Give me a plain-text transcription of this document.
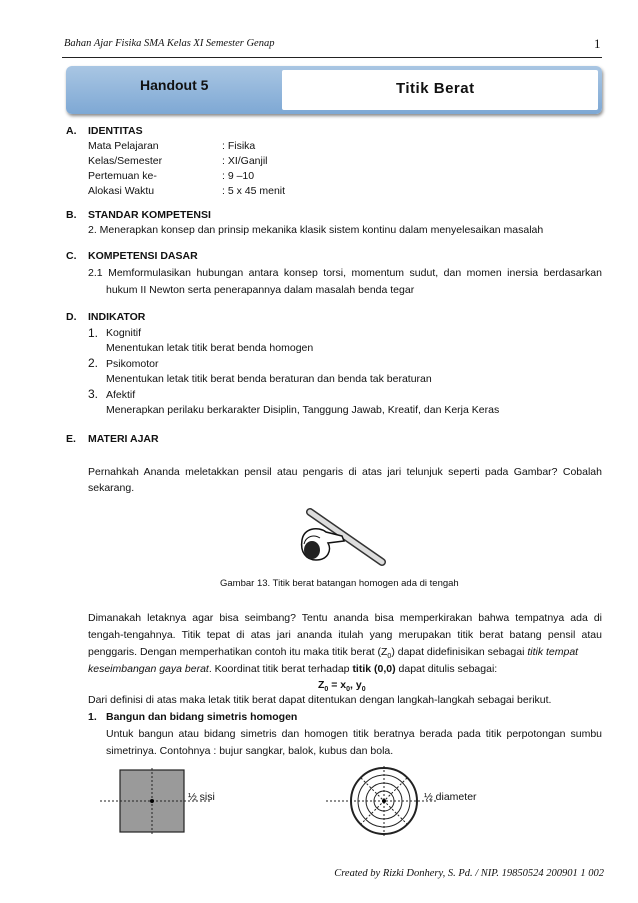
Bahan Ajar Fisika SMA Kelas XI Semester Genap	1
Handout 5	Titik Berat
A. IDENTITAS
Mata Pelajaran	: Fisika
Kelas/Semester	: XI/Ganjil
Pertemuan ke-	: 9 –10
Alokasi Waktu	: 5 x 45 menit
B. STANDAR KOMPETENSI
2. Menerapkan konsep dan prinsip mekanika klasik sistem kontinu dalam menyelesaikan masalah
C. KOMPETENSI DASAR
2.1 Memformulasikan hubungan antara konsep torsi, momentum sudut, dan momen inersia berdasarkan
hukum II Newton serta penerapannya dalam masalah benda tegar
D. INDIKATOR
1. Kognitif
Menentukan letak titik berat benda homogen
2. Psikomotor
Menentukan letak titik berat benda beraturan dan benda tak beraturan
3. Afektif
Menerapkan perilaku berkarakter Disiplin, Tanggung Jawab, Kreatif, dan Kerja Keras
E. MATERI AJAR
Pernahkah Ananda meletakkan pensil atau pengaris di atas jari telunjuk seperti pada Gambar? Cobalah
sekarang.
Gambar 13. Titik berat batangan homogen ada di tengah
Dimanakah letaknya agar bisa seimbang? Tentu ananda bisa memperkirakan bahwa tempatnya ada di
tengah-tengahnya. Titik tepat di atas jari ananda itulah yang merupakan titik berat batang pensil atau
penggaris. Dengan memperhatikan contoh itu maka titik berat $(Z_0)$ dapat didefinisikan sebagai titik tempat
keseimbangan gaya berat. Koordinat titik berat terhadap titik (0,0) dapat ditulis sebagai:
$Z_0 = x_0$, $y_0$
Dari definisi di atas maka letak titik berat dapat ditentukan dengan langkah-langkah sebagai berikut.
1. Bangun dan bidang simetris homogen
Untuk bangun atau bidang simetris dan homogen titik beratnya berada pada titik perpotongan sumbu
simetrinya. Contohnya : bujur sangkar, balok, kubus dan bola.
½ sisi	½ diameter
Created by Rizki Donhery, S. Pd. / NIP. 19850524 200901 1 002
